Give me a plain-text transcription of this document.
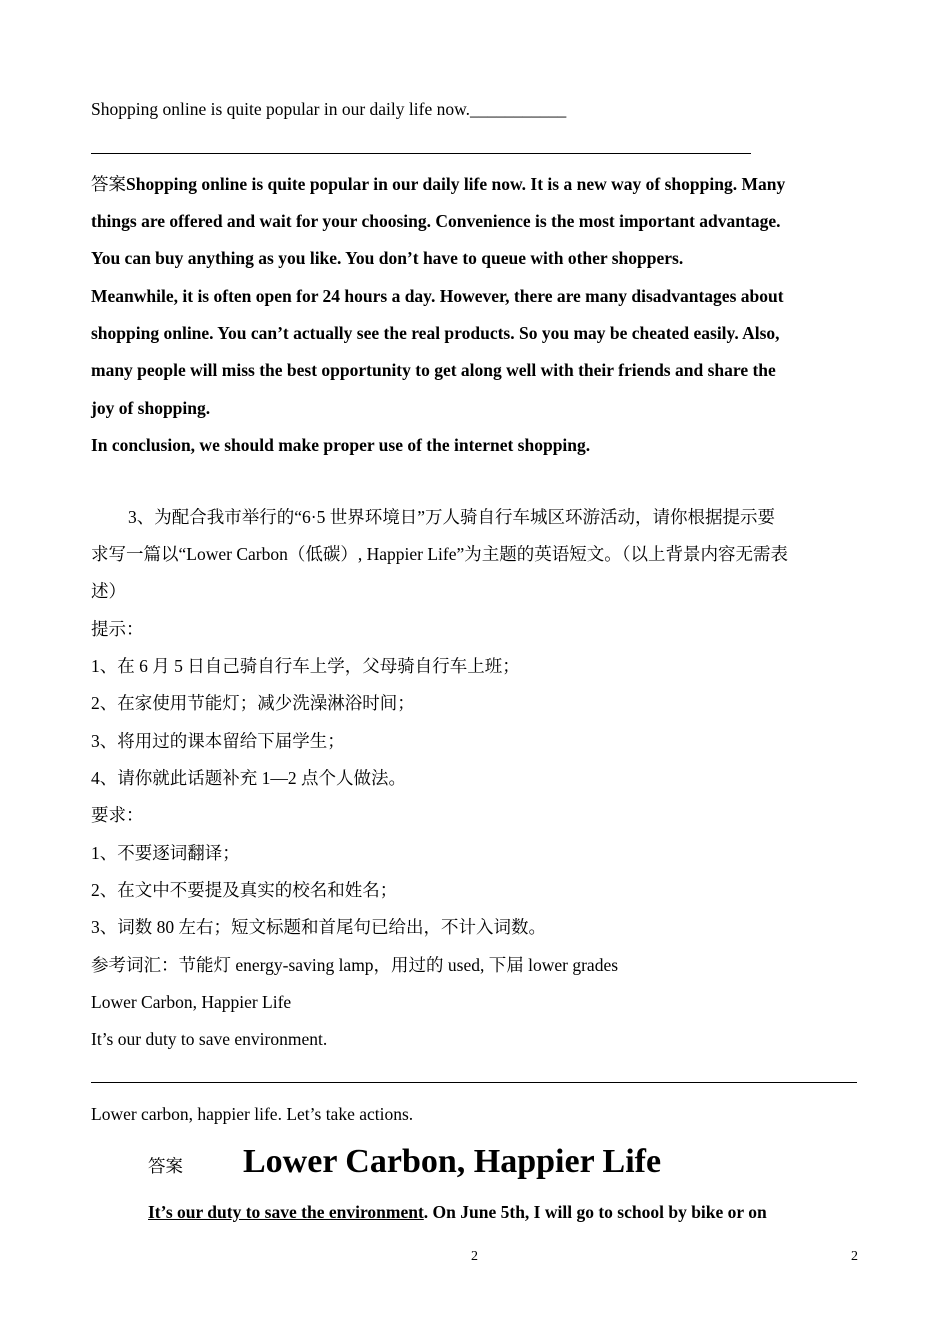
Shopping online is quite popular in our daily life now.___________
答案Shopping online is quite popular in our daily life now. It is a new way of shopping. Many
things are offered and wait for your choosing. Convenience is the most important advantage.
You can buy anything as you like. You don’t have to queue with other shoppers.
Meanwhile, it is often open for 24 hours a day. However, there are many disadvantages about
shopping online. You can’t actually see the real products. So you may be cheated easily. Also,
many people will miss the best opportunity to get along well with their friends and share the
joy of shopping.
In conclusion, we should make proper use of the internet shopping.
3、为配合我市举行的“6·5 世界环境日”万人骑自行车城区环游活动，请你根据提示要
求写一篇以“Lower Carbon（低碳）, Happier Life”为主题的英语短文。（以上背景内容无需表
述）
提示：
1、在 6 月 5 日自己骑自行车上学，父母骑自行车上班；
2、在家使用节能灯；减少洗澡淋浴时间；
3、将用过的课本留给下届学生；
4、请你就此话题补充 1—2 点个人做法。
要求：
1、不要逐词翻译；
2、在文中不要提及真实的校名和姓名；
3、词数 80 左右；短文标题和首尾句已给出，不计入词数。
参考词汇：节能灯 energy-saving lamp，用过的 used, 下届 lower grades
Lower Carbon, Happier Life
It’s our duty to save environment.
Lower carbon, happier life. Let’s take actions.
答案 Lower Carbon, Happier Life
It’s our duty to save the environment. On June 5th, I will go to school by bike or on
2	2
